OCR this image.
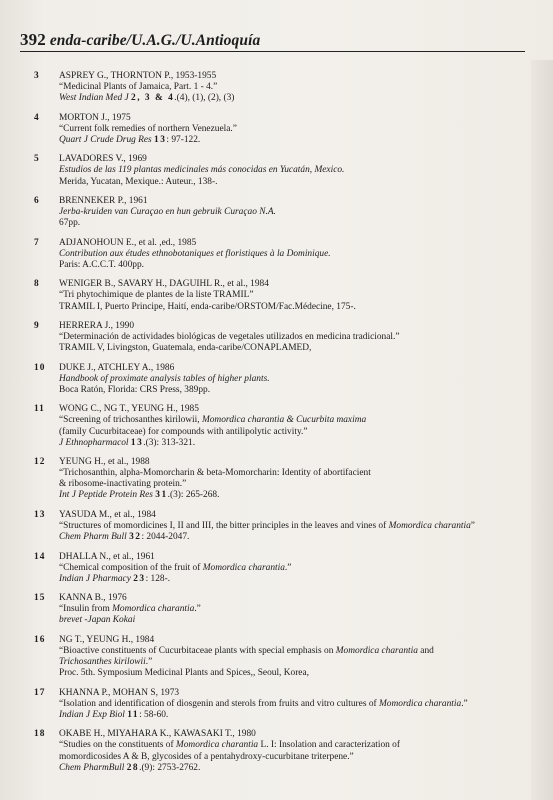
392 enda-caribe/U.A.G./U.Antioquía
3 ASPREY G., THORNTON P., 1953-1955
“Medicinal Plants of Jamaica, Part. 1 - 4.”
West Indian Med J 2, 3 & 4.(4), (1), (2), (3)
4 MORTON J., 1975
“Current folk remedies of northern Venezuela.”
Quart J Crude Drug Res 13: 97-122.
5 LAVADORES V., 1969
Estudios de las 119 plantas medicinales más conocidas en Yucatán, Mexico.
Merida, Yucatan, Mexique.: Auteur., 138-.
6 BRENNEKER P., 1961
Jerba-kruiden van Curaçao en hun gebruik Curaçao N.A.
67pp.
7 ADJANOHOUN E., et al. ,ed., 1985
Contribution aux études ethnobotaniques et floristiques à la Dominique.
Paris: A.C.C.T. 400pp.
8 WENIGER B., SAVARY H., DAGUIHL R., et al., 1984
“Tri phytochimique de plantes de la liste TRAMIL”
TRAMIL I, Puerto Principe, Haití, enda-caribe/ORSTOM/Fac.Médecine, 175-.
9 HERRERA J., 1990
“Determinación de actividades biológicas de vegetales utilizados en medicina tradicional.”
TRAMIL V, Livingston, Guatemala, enda-caribe/CONAPLAMED,
10 DUKE J., ATCHLEY A., 1986
Handbook of proximate analysis tables of higher plants.
Boca Ratón, Florida: CRS Press, 389pp.
11 WONG C., NG T., YEUNG H., 1985
“Screening of trichosanthes kirilowii, Momordica charantia & Cucurbita maxima
(family Cucurbitaceae) for compounds with antilipolytic activity.”
J Ethnopharmacol 13.(3): 313-321.
12 YEUNG H., et al., 1988
“Trichosanthin, alpha-Momorcharin & beta-Momorcharin: Identity of abortifacient
& ribosome-inactivating protein.”
Int J Peptide Protein Res 31.(3): 265-268.
13 YASUDA M., et al., 1984
“Structures of momordicines I, II and III, the bitter principles in the leaves and vines of Momordica charantia”
Chem Pharm Bull 32: 2044-2047.
14 DHALLA N., et al., 1961
“Chemical composition of the fruit of Momordica charantia.”
Indian J Pharmacy 23: 128-.
15 KANNA B., 1976
“Insulin from Momordica charantia.”
brevet -Japan Kokai
16 NG T., YEUNG H., 1984
“Bioactive constituents of Cucurbitaceae plants with special emphasis on Momordica charantia and
Trichosanthes kirilowii.”
Proc. 5th. Symposium Medicinal Plants and Spices,, Seoul, Korea,
17 KHANNA P., MOHAN S, 1973
“Isolation and identification of diosgenin and sterols from fruits and vitro cultures of Momordica charantia.”
Indian J Exp Biol 11: 58-60.
18 OKABE H., MIYAHARA K., KAWASAKI T., 1980
“Studies on the constituents of Momordica charantia L. I: Insolation and caracterization of
momordicosides A & B, glycosides of a pentahydroxy-cucurbitane triterpene.”
Chem PharmBull 28.(9): 2753-2762.
